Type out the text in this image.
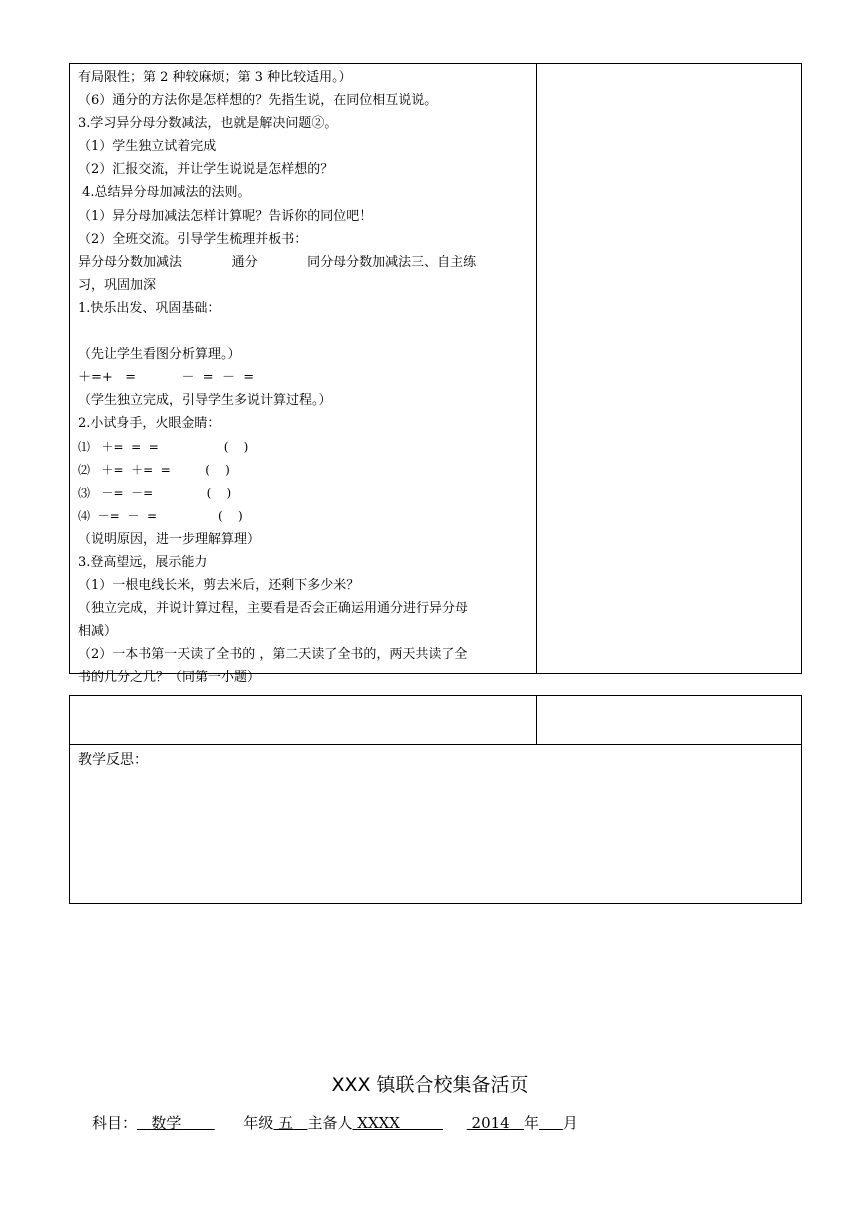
有局限性；第 2 种较麻烦；第 3 种比较适用。）
（6）通分的方法你是怎样想的？先指生说，在同位相互说说。
3.学习异分母分数减法，也就是解决问题②。
（1）学生独立试着完成
（2）汇报交流，并让学生说说是怎样想的？
4.总结异分母加减法的法则。
（1）异分母加减法怎样计算呢？告诉你的同位吧！
（2）全班交流。引导学生梳理并板书：
异分母分数加减法            通分            同分母分数加减法三、自主练
习，巩固加深
1.快乐出发、巩固基础：
（先让学生看图分析算理。）
＋=+   =           －  =  －  =
（学生独立完成，引导学生多说计算过程。）
2.小试身手，火眼金睛：
⑴   ＋=  =  =                 (    )
⑵   ＋=  ＋=  =         (    )
⑶   －=  －=              (    )
⑷  －=  －  =                (    )
（说明原因，进一步理解算理）
3.登高望远，展示能力
（1）一根电线长米，剪去米后，还剩下多少米？
（独立完成，并说计算过程，主要看是否会正确运用通分进行异分母
相减）
（2）一本书第一天读了全书的 ，第二天读了全书的，两天共读了全
书的几分之几？（同第一小题）
教学反思：
XXX 镇联合校集备活页
科目： 数学	年级 五 主备人 XXXX	2014 年 月
